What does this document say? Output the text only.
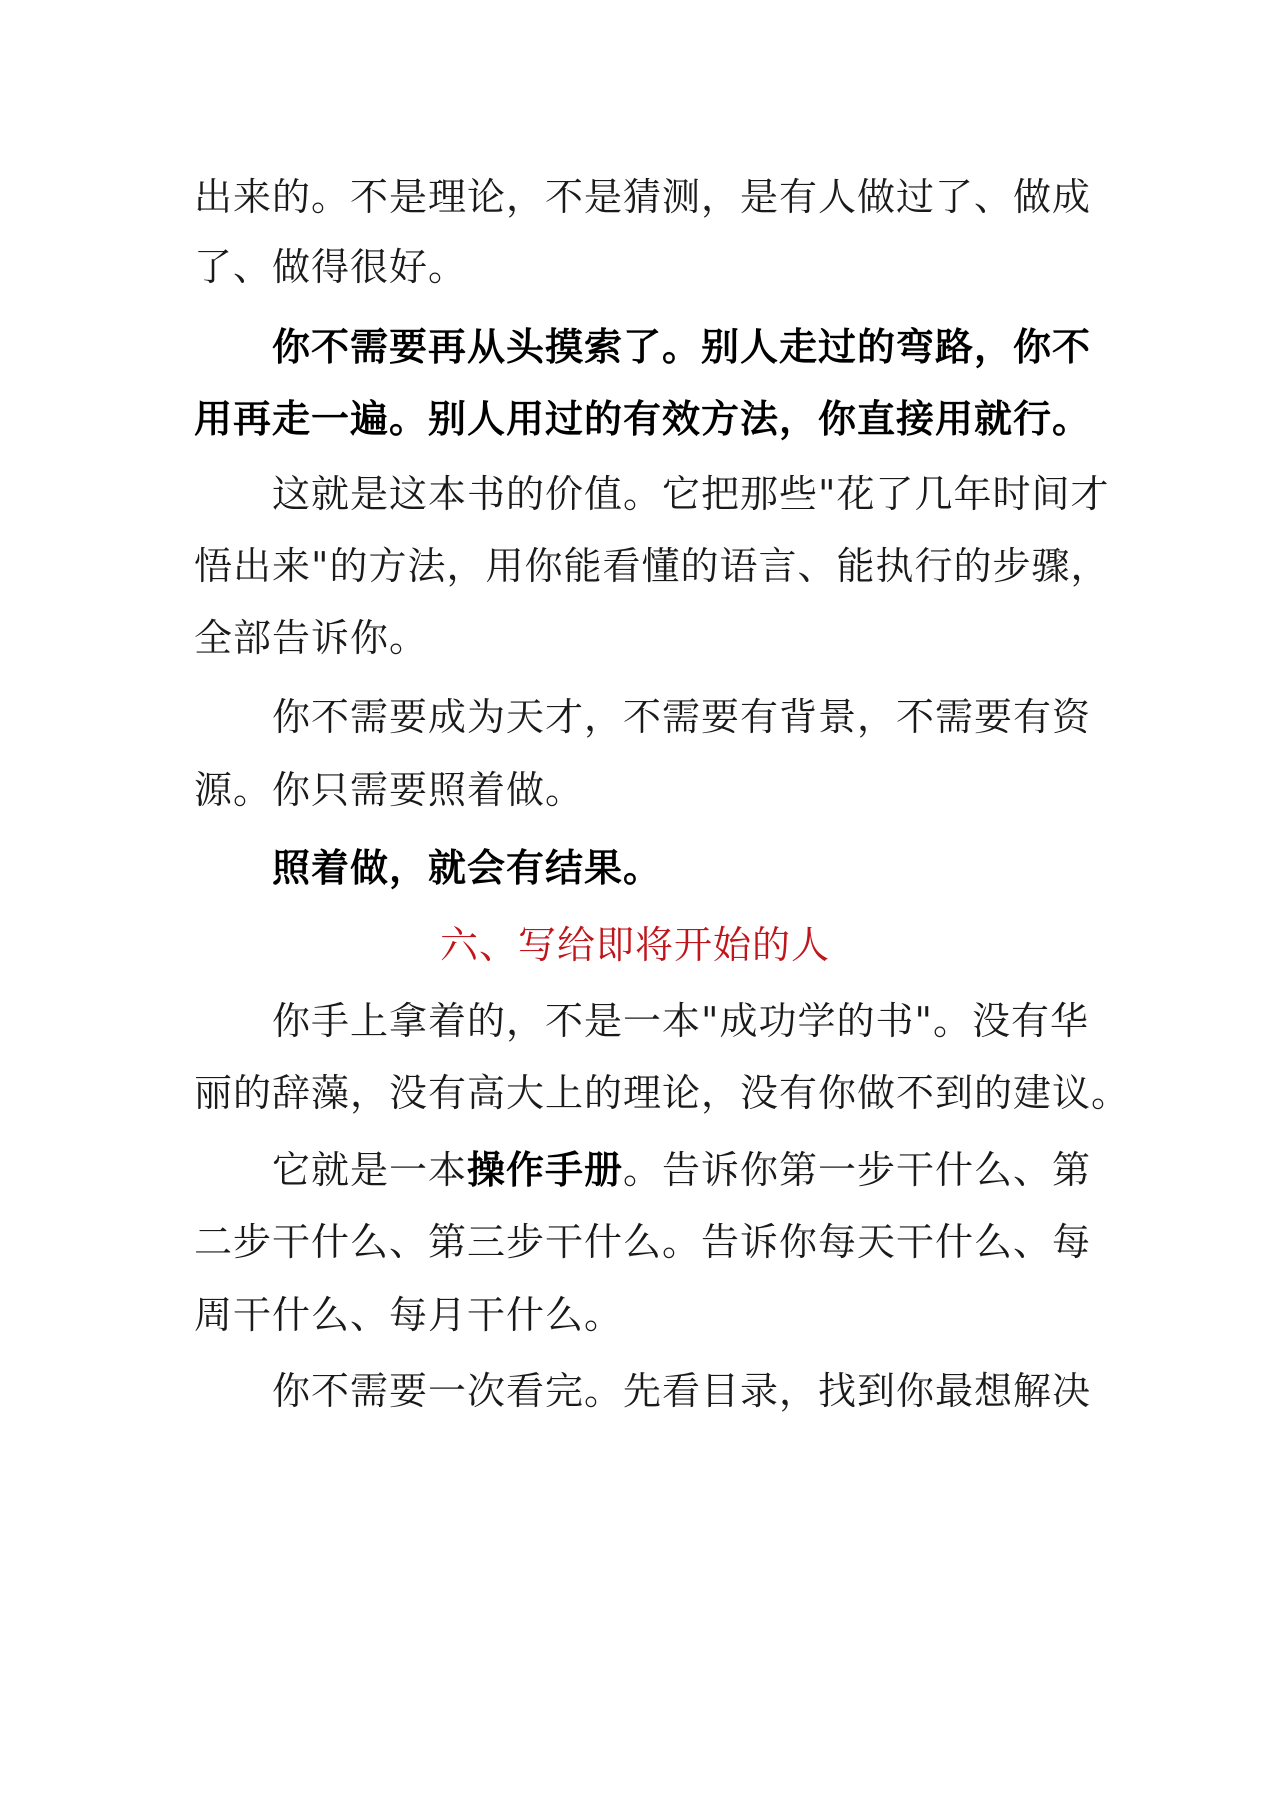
出来的。不是理论，不是猜测，是有人做过了、做成
了、做得很好。
你不需要再从头摸索了。别人走过的弯路，你不
用再走一遍。别人用过的有效方法，你直接用就行。
这就是这本书的价值。它把那些"花了几年时间才
悟出来"的方法，用你能看懂的语言、能执行的步骤，
全部告诉你。
你不需要成为天才，不需要有背景，不需要有资
源。你只需要照着做。
照着做，就会有结果。
六、写给即将开始的人
你手上拿着的，不是一本"成功学的书"。没有华
丽的辞藻，没有高大上的理论，没有你做不到的建议。
它就是一本操作手册。告诉你第一步干什么、第
二步干什么、第三步干什么。告诉你每天干什么、每
周干什么、每月干什么。
你不需要一次看完。先看目录，找到你最想解决
